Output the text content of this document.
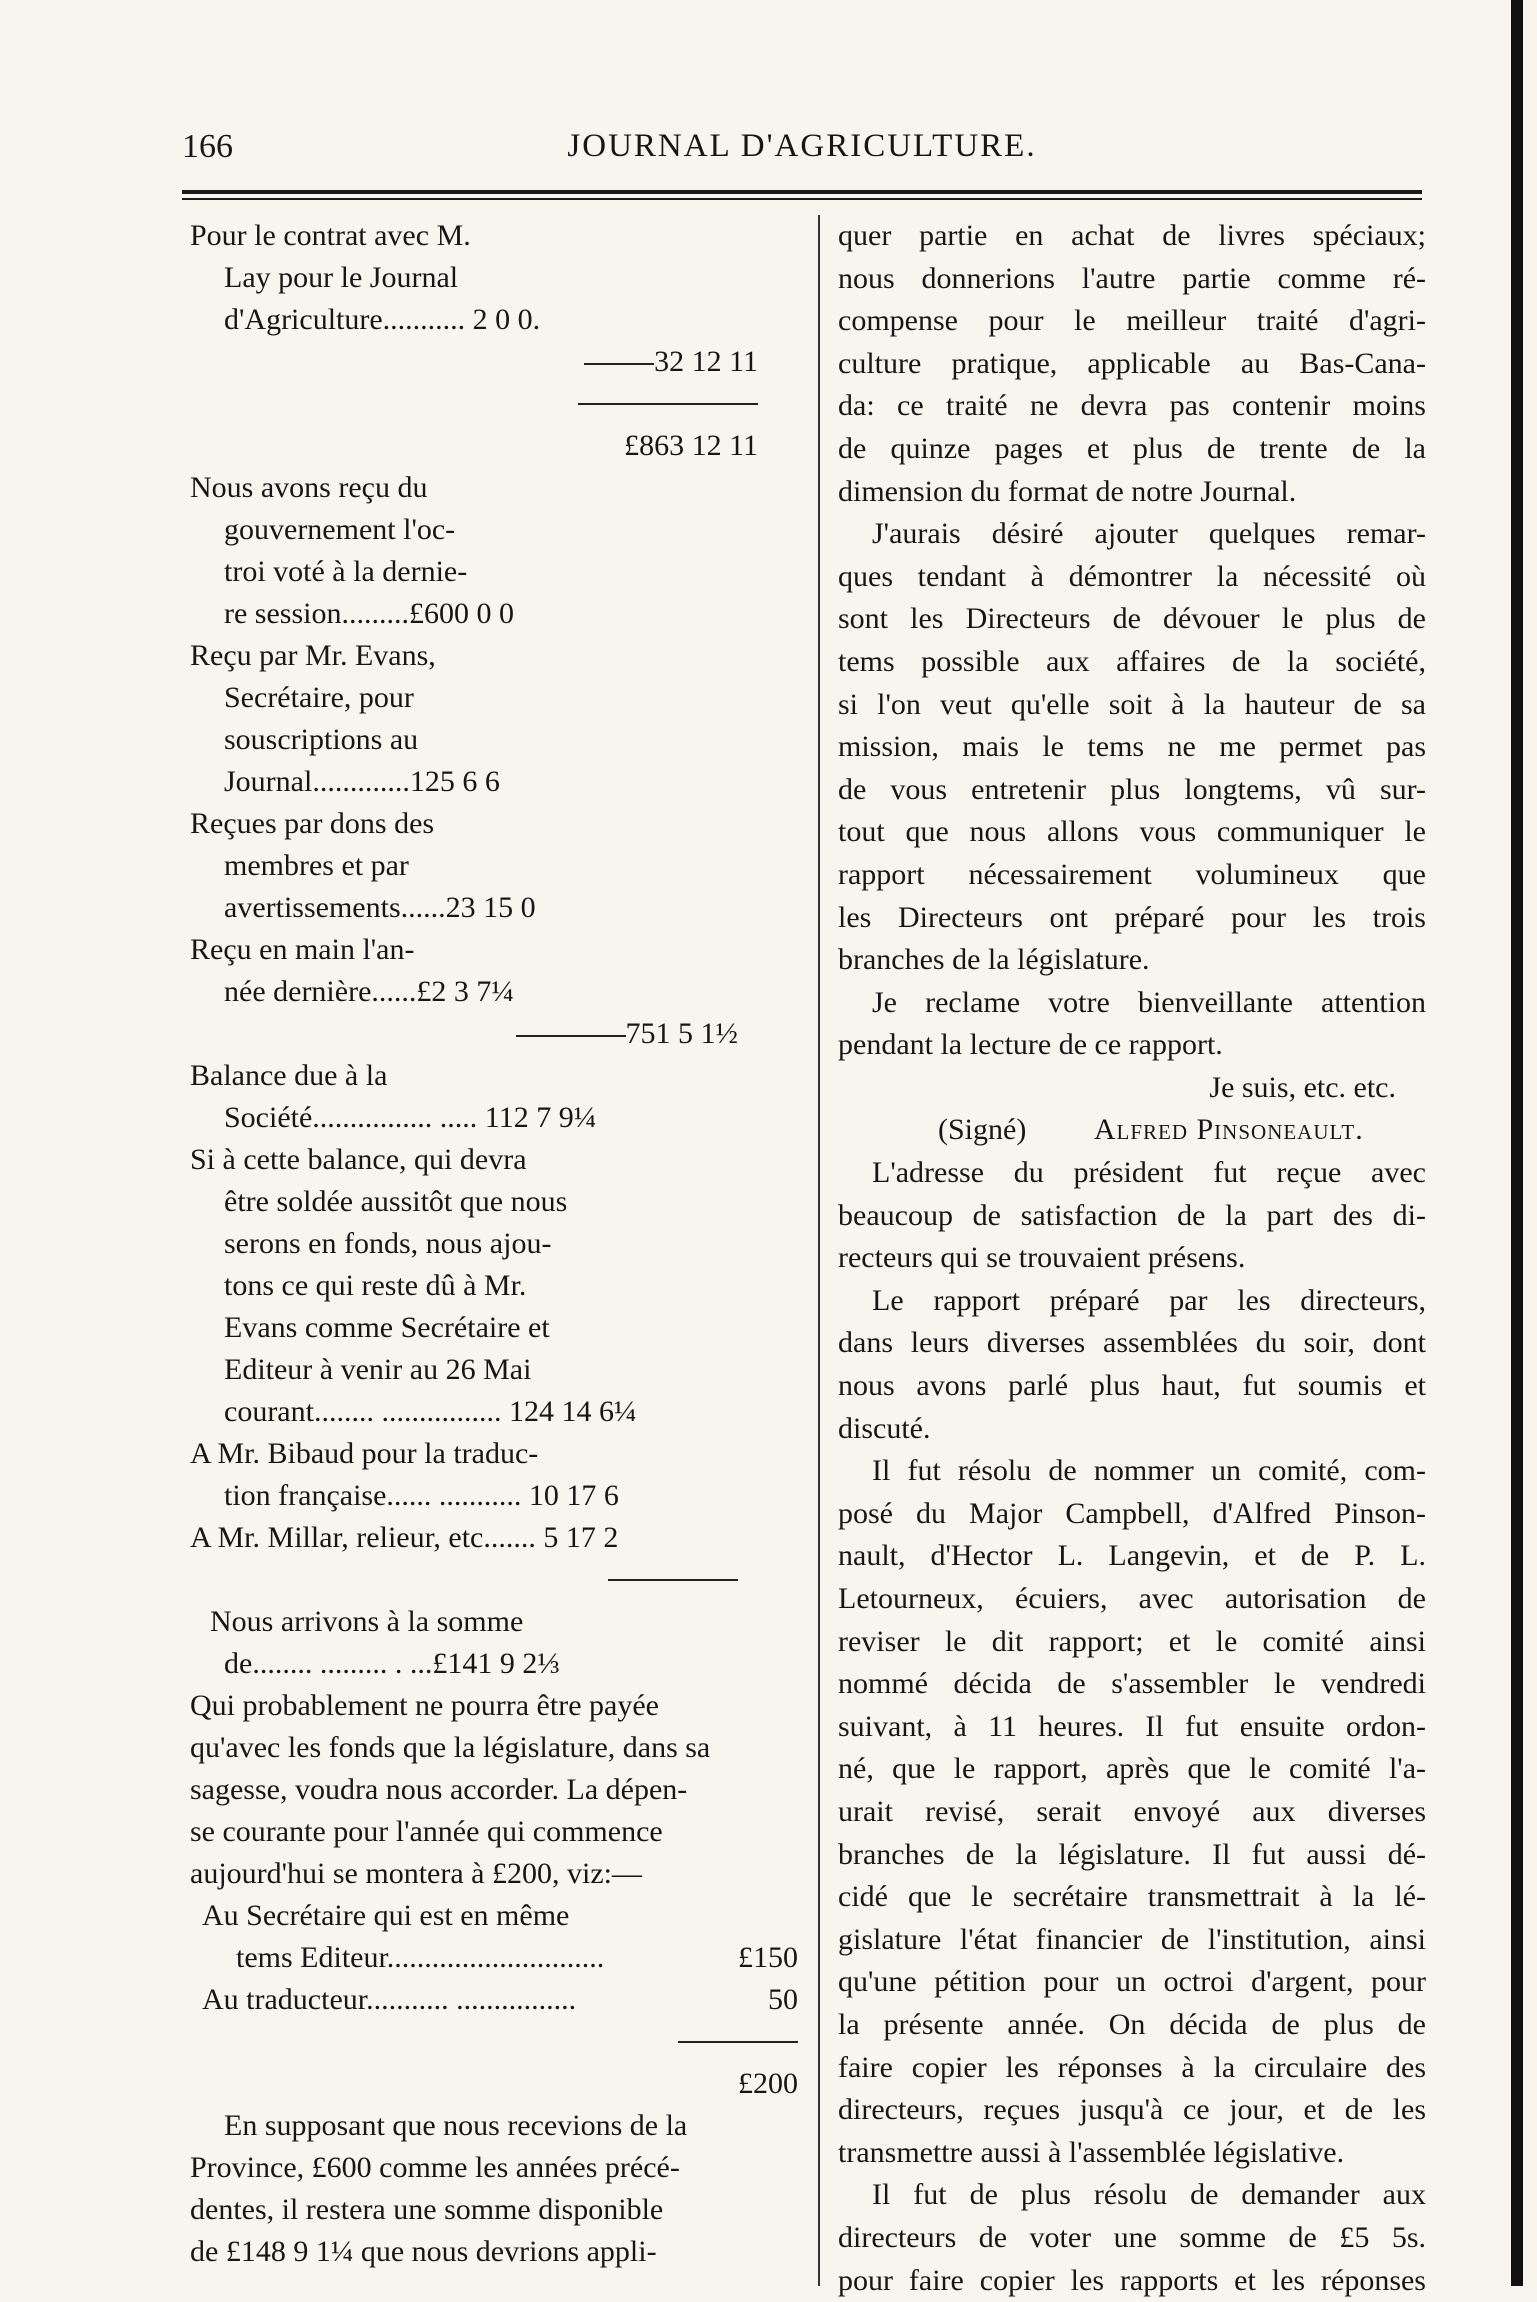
166	JOURNAL D'AGRICULTURE.
Pour le contrat avec M.
Lay pour le Journal
d'Agriculture........... 2 0 0.
32 12 11
£863 12 11
Nous avons reçu du
gouvernement l'oc-
troi voté à la dernie-
re session.........£600 0 0
Reçu par Mr. Evans,
Secrétaire, pour
souscriptions au
Journal.............125 6 6
Reçues par dons des
membres et par
avertissements......23 15 0
Reçu en main l'an-
née dernière......£2 3 7¼
751 5 1½
Balance due à la
Société................ ..... 112 7 9¼
Si à cette balance, qui devra
être soldée aussitôt que nous
serons en fonds, nous ajou-
tons ce qui reste dû à Mr.
Evans comme Secrétaire et
Editeur à venir au 26 Mai
courant........ ................ 124 14 6¼
A Mr. Bibaud pour la traduc-
tion française...... ........... 10 17 6
A Mr. Millar, relieur, etc....... 5 17 2
Nous arrivons à la somme
de........ ......... . ...£141 9 2⅓
Qui probablement ne pourra être payée
qu'avec les fonds que la législature, dans sa
sagesse, voudra nous accorder. La dépen-
se courante pour l'année qui commence
aujourd'hui se montera à £200, viz:—
Au Secrétaire qui est en même
tems Editeur.............................	£150
Au traducteur........... ................	50
£200
En supposant que nous recevions de la
Province, £600 comme les années précé-
dentes, il restera une somme disponible
de £148 9 1¼ que nous devrions appli-
quer partie en achat de livres spéciaux;
nous donnerions l'autre partie comme ré-
compense pour le meilleur traité d'agri-
culture pratique, applicable au Bas-Cana-
da: ce traité ne devra pas contenir moins
de quinze pages et plus de trente de la
dimension du format de notre Journal.
J'aurais désiré ajouter quelques remar-
ques tendant à démontrer la nécessité où
sont les Directeurs de dévouer le plus de
tems possible aux affaires de la société,
si l'on veut qu'elle soit à la hauteur de sa
mission, mais le tems ne me permet pas
de vous entretenir plus longtems, vû sur-
tout que nous allons vous communiquer le
rapport nécessairement volumineux que
les Directeurs ont préparé pour les trois
branches de la législature.
Je reclame votre bienveillante attention
pendant la lecture de ce rapport.
Je suis, etc. etc.
(Signé) Alfred Pinsoneault.
L'adresse du président fut reçue avec
beaucoup de satisfaction de la part des di-
recteurs qui se trouvaient présens.
Le rapport préparé par les directeurs,
dans leurs diverses assemblées du soir, dont
nous avons parlé plus haut, fut soumis et
discuté.
Il fut résolu de nommer un comité, com-
posé du Major Campbell, d'Alfred Pinson-
nault, d'Hector L. Langevin, et de P. L.
Letourneux, écuiers, avec autorisation de
reviser le dit rapport; et le comité ainsi
nommé décida de s'assembler le vendredi
suivant, à 11 heures. Il fut ensuite ordon-
né, que le rapport, après que le comité l'a-
urait revisé, serait envoyé aux diverses
branches de la législature. Il fut aussi dé-
cidé que le secrétaire transmettrait à la lé-
gislature l'état financier de l'institution, ainsi
qu'une pétition pour un octroi d'argent, pour
la présente année. On décida de plus de
faire copier les réponses à la circulaire des
directeurs, reçues jusqu'à ce jour, et de les
transmettre aussi à l'assemblée législative.
Il fut de plus résolu de demander aux
directeurs de voter une somme de £5 5s.
pour faire copier les rapports et les réponses
